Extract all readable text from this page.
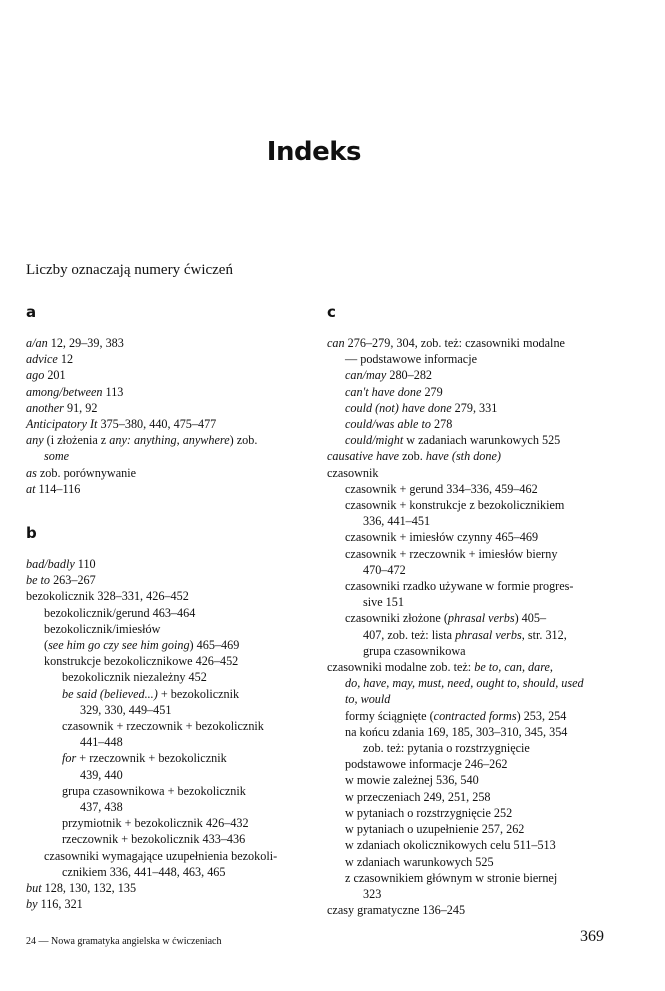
Indeks
Liczby oznaczają numery ćwiczeń
a
a/an 12, 29–39, 383
advice 12
ago 201
among/between 113
another 91, 92
Anticipatory It 375–380, 440, 475–477
any (i złożenia z any: anything, anywhere) zob.
some
as zob. porównywanie
at 114–116
b
bad/badly 110
be to 263–267
bezokolicznik 328–331, 426–452
bezokolicznik/gerund 463–464
bezokolicznik/imiesłów
(see him go czy see him going) 465–469
konstrukcje bezokolicznikowe 426–452
bezokolicznik niezależny 452
be said (believed...) + bezokolicznik
329, 330, 449–451
czasownik + rzeczownik + bezokolicznik
441–448
for + rzeczownik + bezokolicznik
439, 440
grupa czasownikowa + bezokolicznik
437, 438
przymiotnik + bezokolicznik 426–432
rzeczownik + bezokolicznik 433–436
czasowniki wymagające uzupełnienia bezokoli-
cznikiem 336, 441–448, 463, 465
but 128, 130, 132, 135
by 116, 321
c
can 276–279, 304, zob. też: czasowniki modalne
— podstawowe informacje
can/may 280–282
can't have done 279
could (not) have done 279, 331
could/was able to 278
could/might w zadaniach warunkowych 525
causative have zob. have (sth done)
czasownik
czasownik + gerund 334–336, 459–462
czasownik + konstrukcje z bezokolicznikiem
336, 441–451
czasownik + imiesłów czynny 465–469
czasownik + rzeczownik + imiesłów bierny
470–472
czasowniki rzadko używane w formie progres-
sive 151
czasowniki złożone (phrasal verbs) 405–
407, zob. też: lista phrasal verbs, str. 312,
grupa czasownikowa
czasowniki modalne zob. też: be to, can, dare,
do, have, may, must, need, ought to, should, used
to, would
formy ściągnięte (contracted forms) 253, 254
na końcu zdania 169, 185, 303–310, 345, 354
zob. też: pytania o rozstrzygnięcie
podstawowe informacje 246–262
w mowie zależnej 536, 540
w przeczeniach 249, 251, 258
w pytaniach o rozstrzygnięcie 252
w pytaniach o uzupełnienie 257, 262
w zdaniach okolicznikowych celu 511–513
w zdaniach warunkowych 525
z czasownikiem głównym w stronie biernej
323
czasy gramatyczne 136–245
24 — Nowa gramatyka angielska w ćwiczeniach	369
